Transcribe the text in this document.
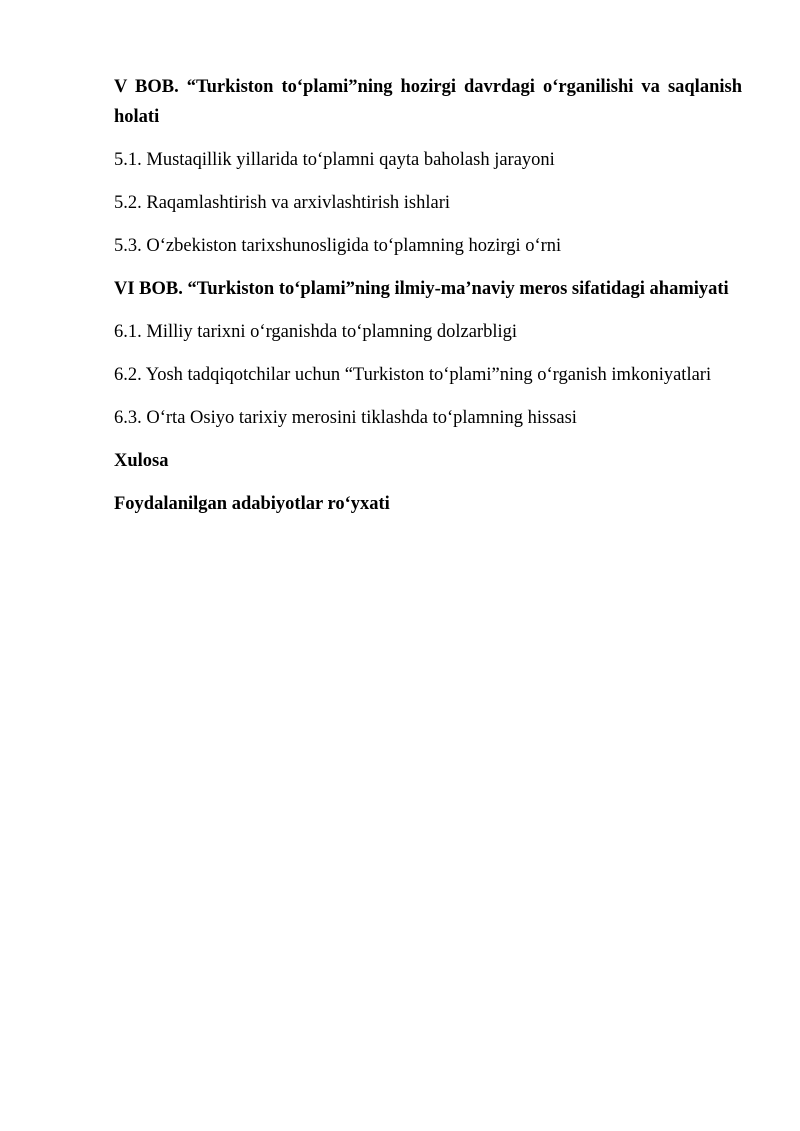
V BOB. “Turkiston to‘plami”ning hozirgi davrdagi o‘rganilishi va saqlanish holati

5.1. Mustaqillik yillarida to‘plamni qayta baholash jarayoni

5.2. Raqamlashtirish va arxivlashtirish ishlari

5.3. O‘zbekiston tarixshunosligida to‘plamning hozirgi o‘rni

VI BOB. “Turkiston to‘plami”ning ilmiy-ma’naviy meros sifatidagi ahamiyati

6.1. Milliy tarixni o‘rganishda to‘plamning dolzarbligi

6.2. Yosh tadqiqotchilar uchun “Turkiston to‘plami”ning o‘rganish imkoniyatlari

6.3. O‘rta Osiyo tarixiy merosini tiklashda to‘plamning hissasi

Xulosa

Foydalanilgan adabiyotlar ro‘yxati
